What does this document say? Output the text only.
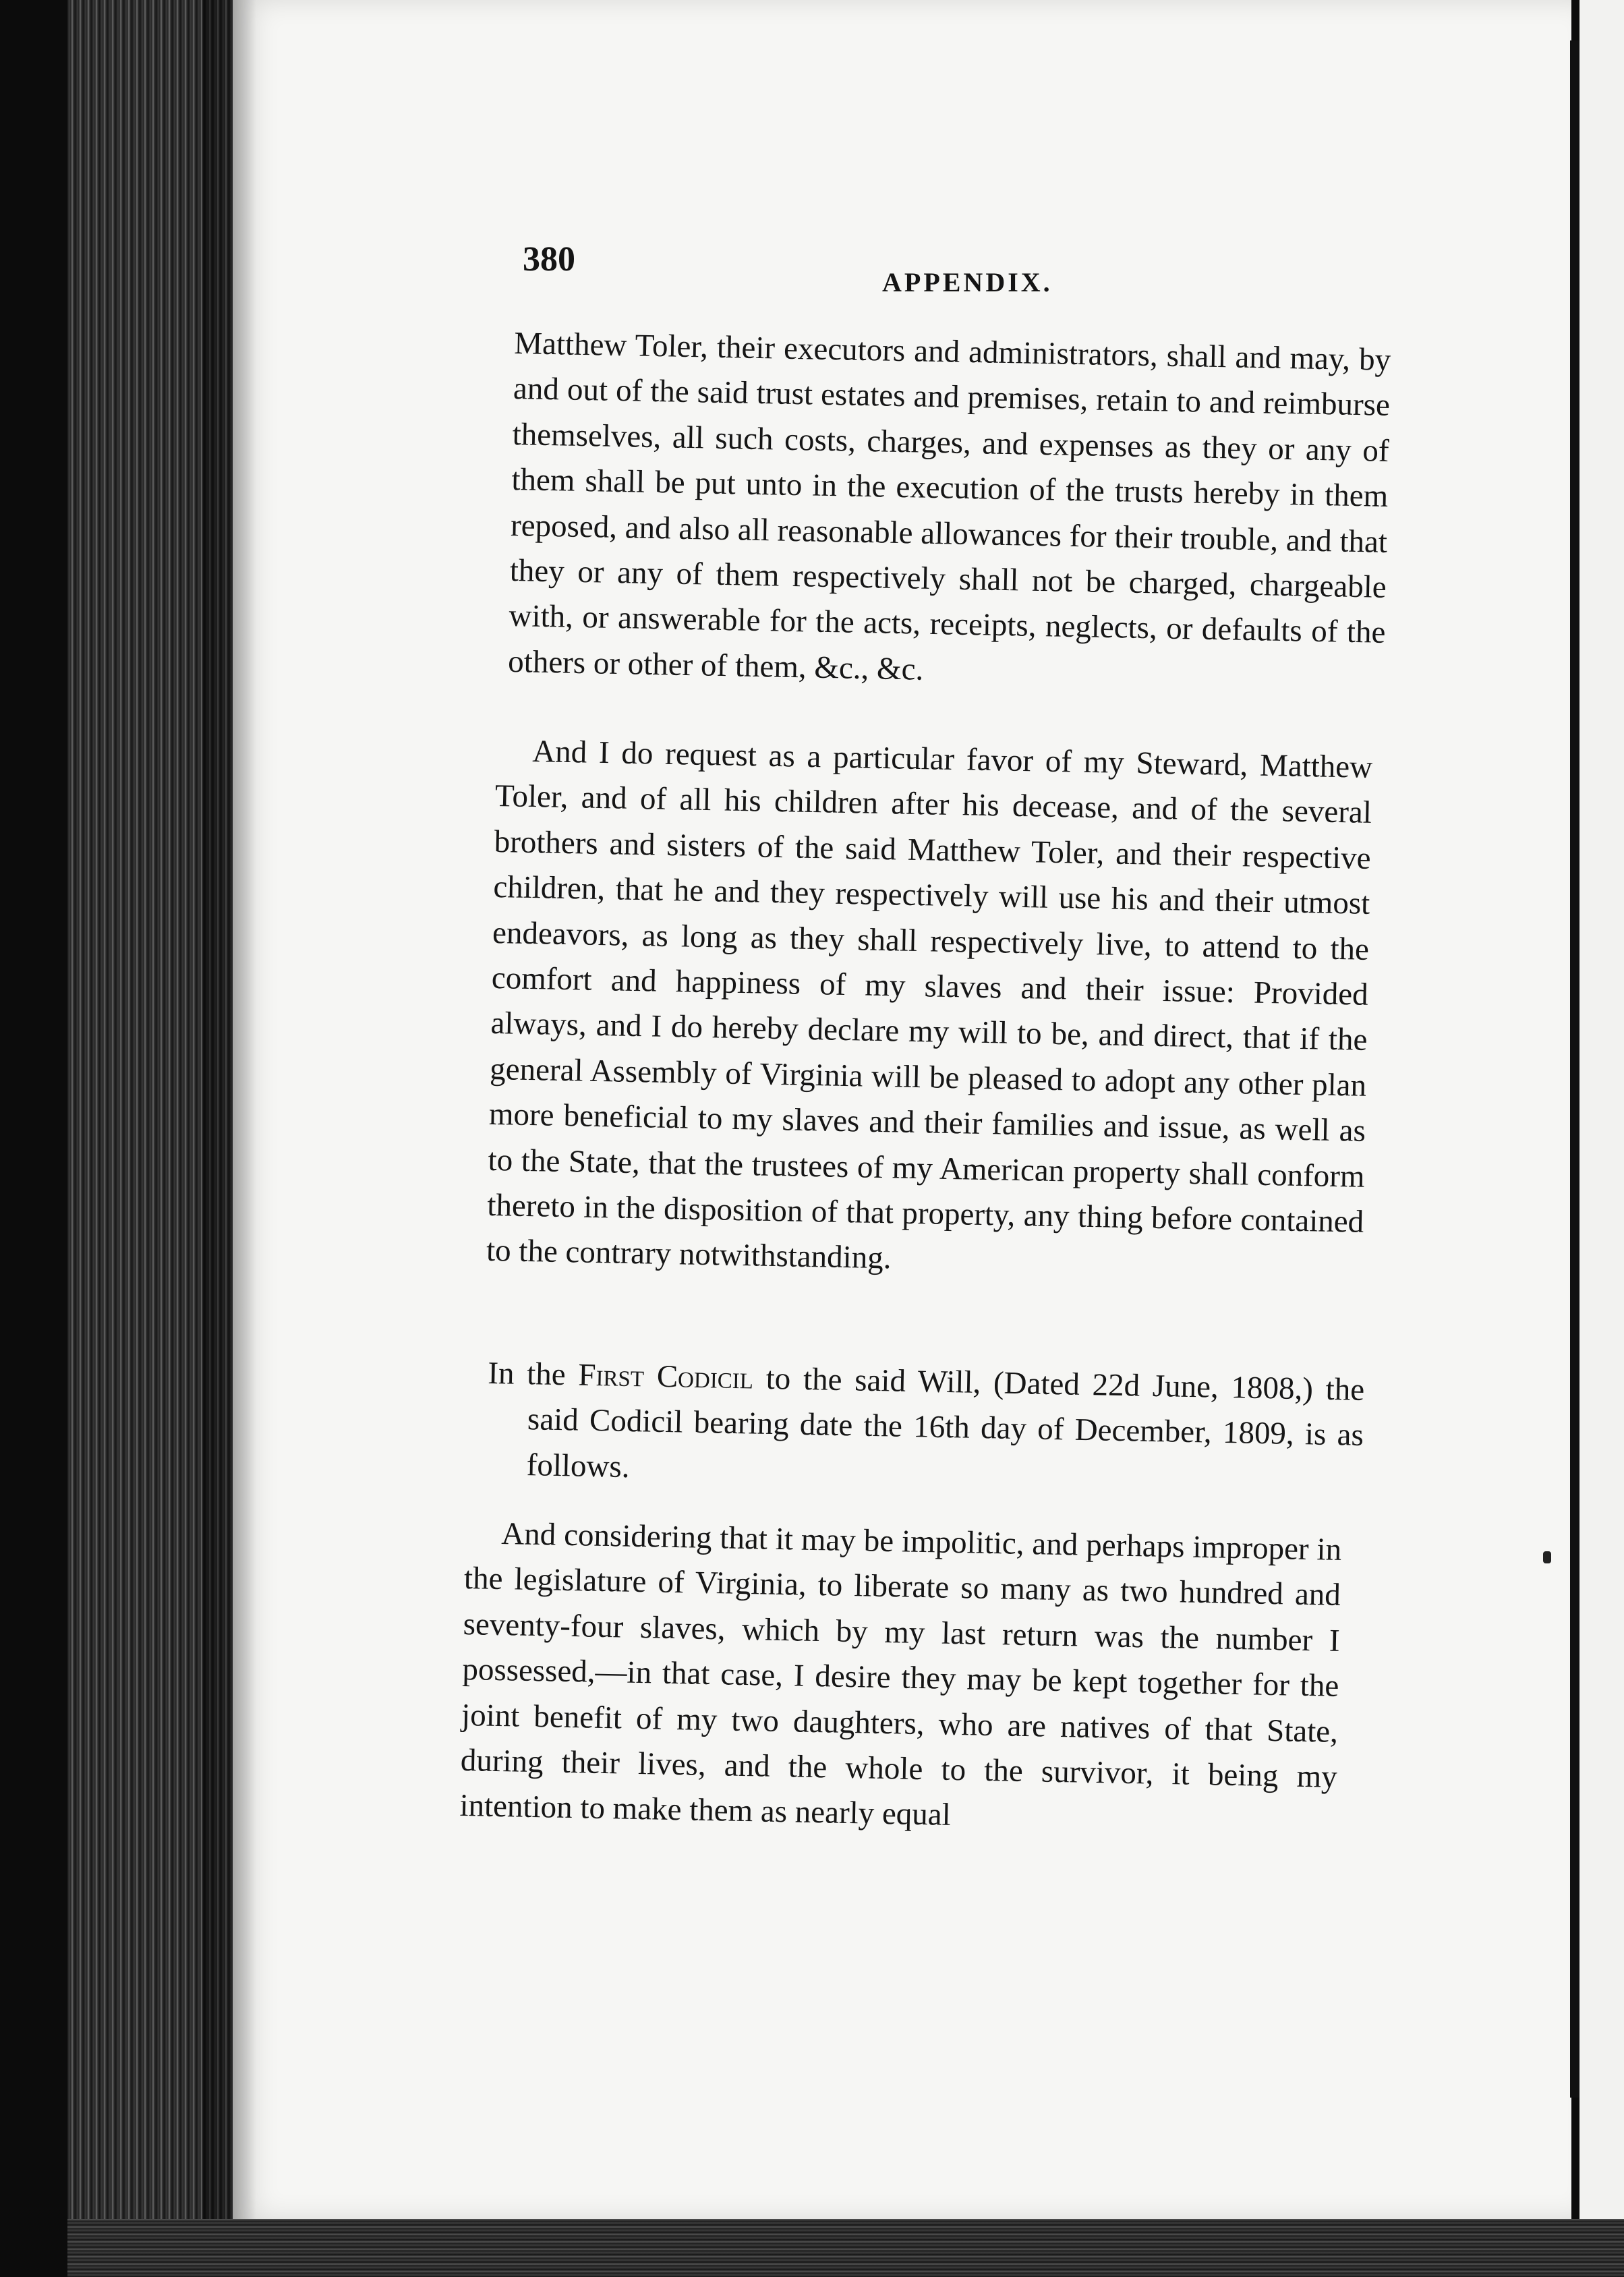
380
APPENDIX.

Matthew Toler, their executors and administrators, shall and may, by and out of the said trust estates and premises, retain to and reimburse themselves, all such costs, charges, and expenses as they or any of them shall be put unto in the execution of the trusts hereby in them reposed, and also all reasonable allowances for their trouble, and that they or any of them respectively shall not be charged, chargeable with, or answerable for the acts, receipts, neglects, or defaults of the others or other of them, &c., &c.

And I do request as a particular favor of my Steward, Matthew Toler, and of all his children after his decease, and of the several brothers and sisters of the said Matthew Toler, and their respective children, that he and they respectively will use his and their utmost endeavors, as long as they shall respectively live, to attend to the comfort and happiness of my slaves and their issue: Provided always, and I do hereby declare my will to be, and direct, that if the general Assembly of Virginia will be pleased to adopt any other plan more beneficial to my slaves and their families and issue, as well as to the State, that the trustees of my American property shall conform thereto in the disposition of that property, any thing before contained to the contrary notwithstanding.

In the First Codicil to the said Will, (Dated 22d June, 1808,) the said Codicil bearing date the 16th day of December, 1809, is as follows.

And considering that it may be impolitic, and perhaps improper in the legislature of Virginia, to liberate so many as two hundred and seventy-four slaves, which by my last return was the number I possessed,—in that case, I desire they may be kept together for the joint benefit of my two daughters, who are natives of that State, during their lives, and the whole to the survivor, it being my intention to make them as nearly equal
